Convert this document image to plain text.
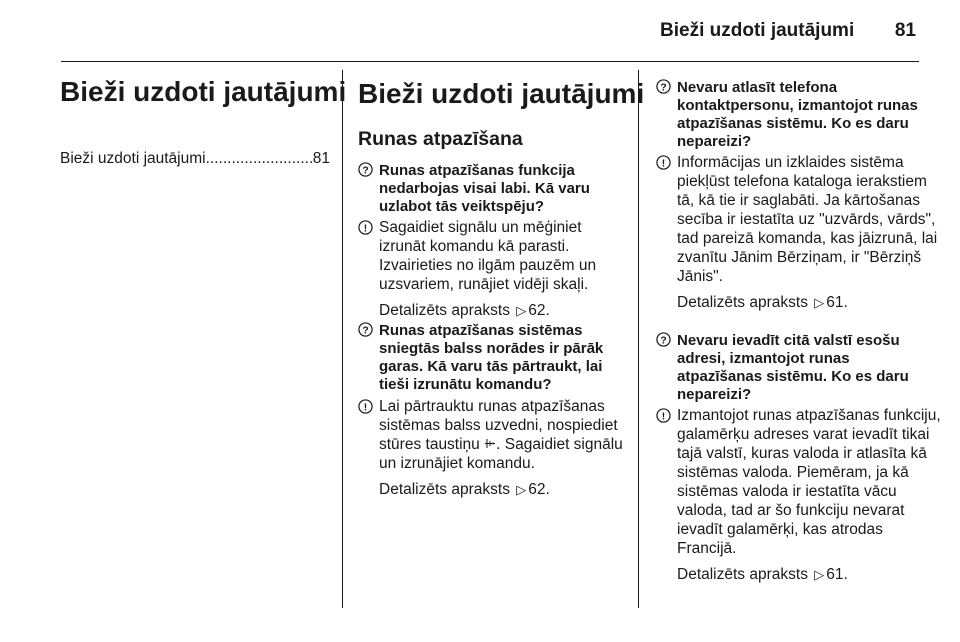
Bieži uzdoti jautājumi 81
Bieži uzdoti jautājumi
Bieži uzdoti jautājumi
.....	81
Bieži uzdoti jautājumi
Runas atpazīšana
? Runas atpazīšanas funkcija nedarbojas visai labi. Kā varu uzlabot tās veiktspēju?
! Sagaidiet signālu un mēģiniet izrunāt komandu kā parasti. Izvairieties no ilgām pauzēm un uzsvariem, runājiet vidēji skaļi.
Detalizēts apraksts ▷ 62.
? Runas atpazīšanas sistēmas sniegtās balss norādes ir pārāk garas. Kā varu tās pārtraukt, lai tieši izrunātu komandu?
! Lai pārtrauktu runas atpazīšanas sistēmas balss uzvedni, nospiediet stūres taustiņu . Sagaidiet signālu un izrunājiet komandu.
Detalizēts apraksts ▷ 62.
? Nevaru atlasīt telefona kontaktpersonu, izmantojot runas atpazīšanas sistēmu. Ko es daru nepareizi?
! Informācijas un izklaides sistēma piekļūst telefona kataloga ierakstiem tā, kā tie ir saglabāti. Ja kārtošanas secība ir iestatīta uz "uzvārds, vārds", tad pareizā komanda, kas jāizrunā, lai zvanītu Jānim Bērziņam, ir "Bērziņš Jānis".
Detalizēts apraksts ▷ 61.
? Nevaru ievadīt citā valstī esošu adresi, izmantojot runas atpazīšanas sistēmu. Ko es daru nepareizi?
! Izmantojot runas atpazīšanas funkciju, galamērķu adreses varat ievadīt tikai tajā valstī, kuras valoda ir atlasīta kā sistēmas valoda. Piemēram, ja kā sistēmas valoda ir iestatīta vācu valoda, tad ar šo funkciju nevarat ievadīt galamērķi, kas atrodas Francijā.
Detalizēts apraksts ▷ 61.
